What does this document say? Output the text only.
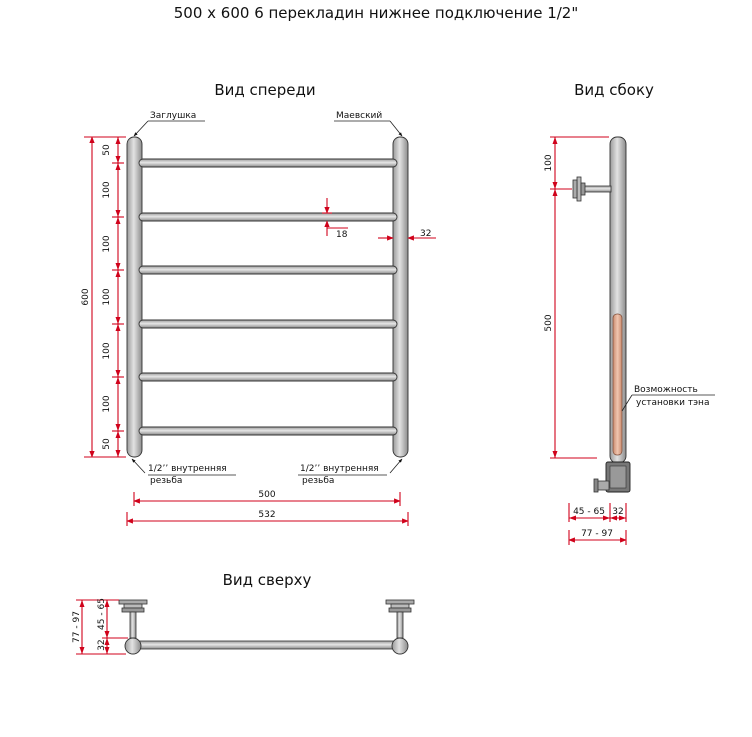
500 x 600 6 перекладин нижнее подключение 1/2"
Вид спереди
Заглушка	Маевский
600
50
100
100
100
100
100
50
18	32
1/2’’ внутренняя
резьба
1/2’’ внутренняя
резьба
500
532
Вид сбоку
Возможность
установки тэна
100
500
45 - 65 32
77 - 97
Вид сверху
77 - 97 45 - 65
32
